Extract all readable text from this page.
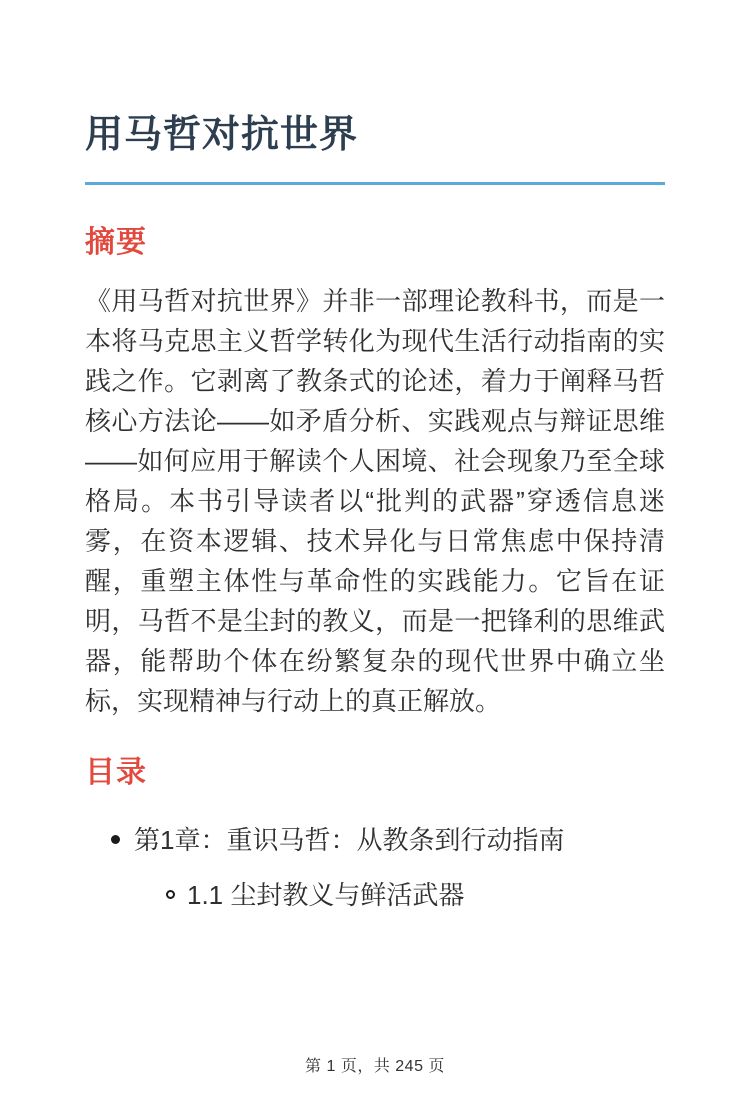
用马哲对抗世界
摘要

《用马哲对抗世界》并非一部理论教科书，而是一本将马克思主义哲学转化为现代生活行动指南的实践之作。它剥离了教条式的论述，着力于阐释马哲核心方法论——如矛盾分析、实践观点与辩证思维——如何应用于解读个人困境、社会现象乃至全球格局。本书引导读者以“批判的武器”穿透信息迷雾，在资本逻辑、技术异化与日常焦虑中保持清醒，重塑主体性与革命性的实践能力。它旨在证明，马哲不是尘封的教义，而是一把锋利的思维武器，能帮助个体在纷繁复杂的现代世界中确立坐标，实现精神与行动上的真正解放。

目录
第1章：重识马哲：从教条到行动指南
1.1 尘封教义与鲜活武器
第 1 页，共 245 页
